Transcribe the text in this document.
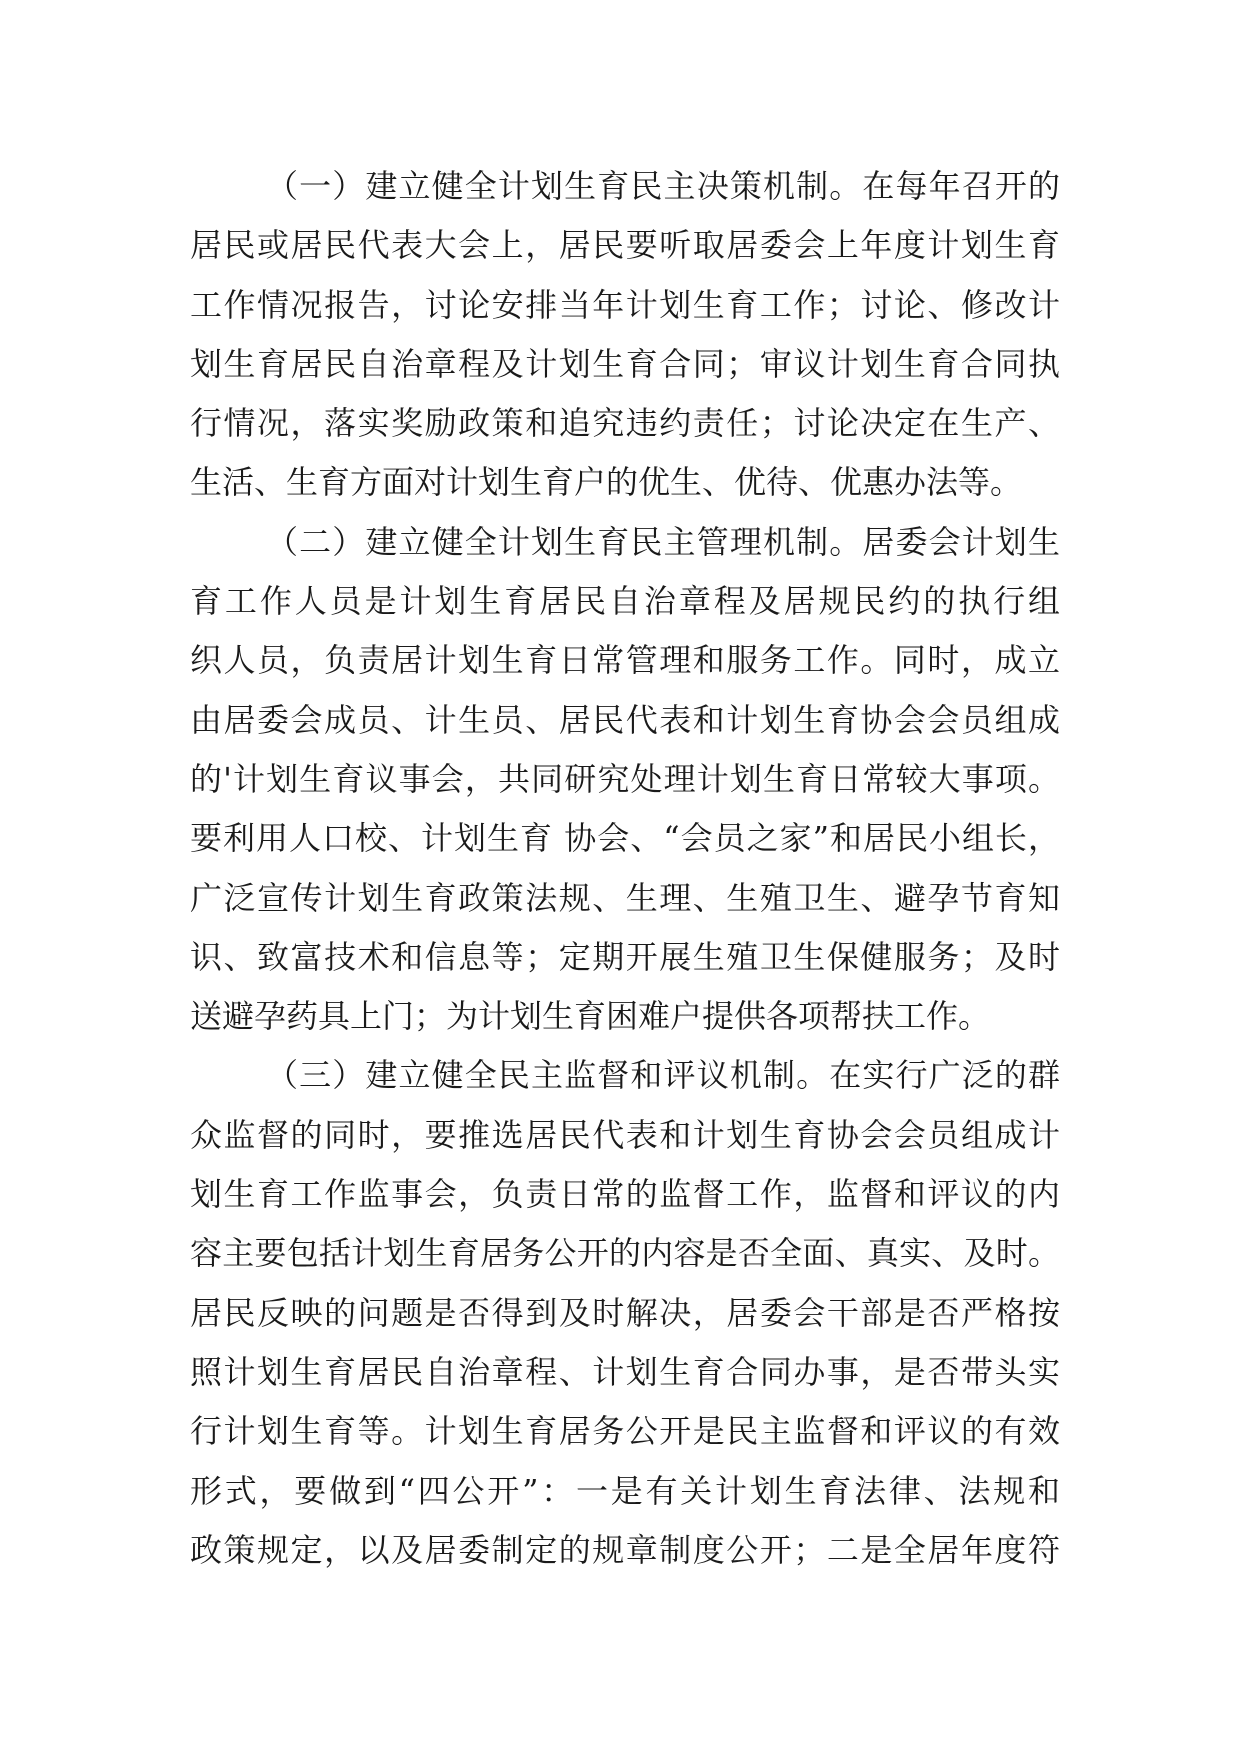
（一）建立健全计划生育民主决策机制。在每年召开的
居民或居民代表大会上，居民要听取居委会上年度计划生育
工作情况报告，讨论安排当年计划生育工作；讨论、修改计
划生育居民自治章程及计划生育合同；审议计划生育合同执
行情况，落实奖励政策和追究违约责任；讨论决定在生产、
生活、生育方面对计划生育户的优生、优待、优惠办法等。
（二）建立健全计划生育民主管理机制。居委会计划生
育工作人员是计划生育居民自治章程及居规民约的执行组
织人员，负责居计划生育日常管理和服务工作。同时，成立
由居委会成员、计生员、居民代表和计划生育协会会员组成
的'计划生育议事会，共同研究处理计划生育日常较大事项。
要利用人口校、计划生育 协会、“会员之家”和居民小组长，
广泛宣传计划生育政策法规、生理、生殖卫生、避孕节育知
识、致富技术和信息等；定期开展生殖卫生保健服务；及时
送避孕药具上门；为计划生育困难户提供各项帮扶工作。
（三）建立健全民主监督和评议机制。在实行广泛的群
众监督的同时，要推选居民代表和计划生育协会会员组成计
划生育工作监事会，负责日常的监督工作，监督和评议的内
容主要包括计划生育居务公开的内容是否全面、真实、及时。
居民反映的问题是否得到及时解决，居委会干部是否严格按
照计划生育居民自治章程、计划生育合同办事，是否带头实
行计划生育等。计划生育居务公开是民主监督和评议的有效
形式，要做到“四公开”：一是有关计划生育法律、法规和
政策规定，以及居委制定的规章制度公开；二是全居年度符
